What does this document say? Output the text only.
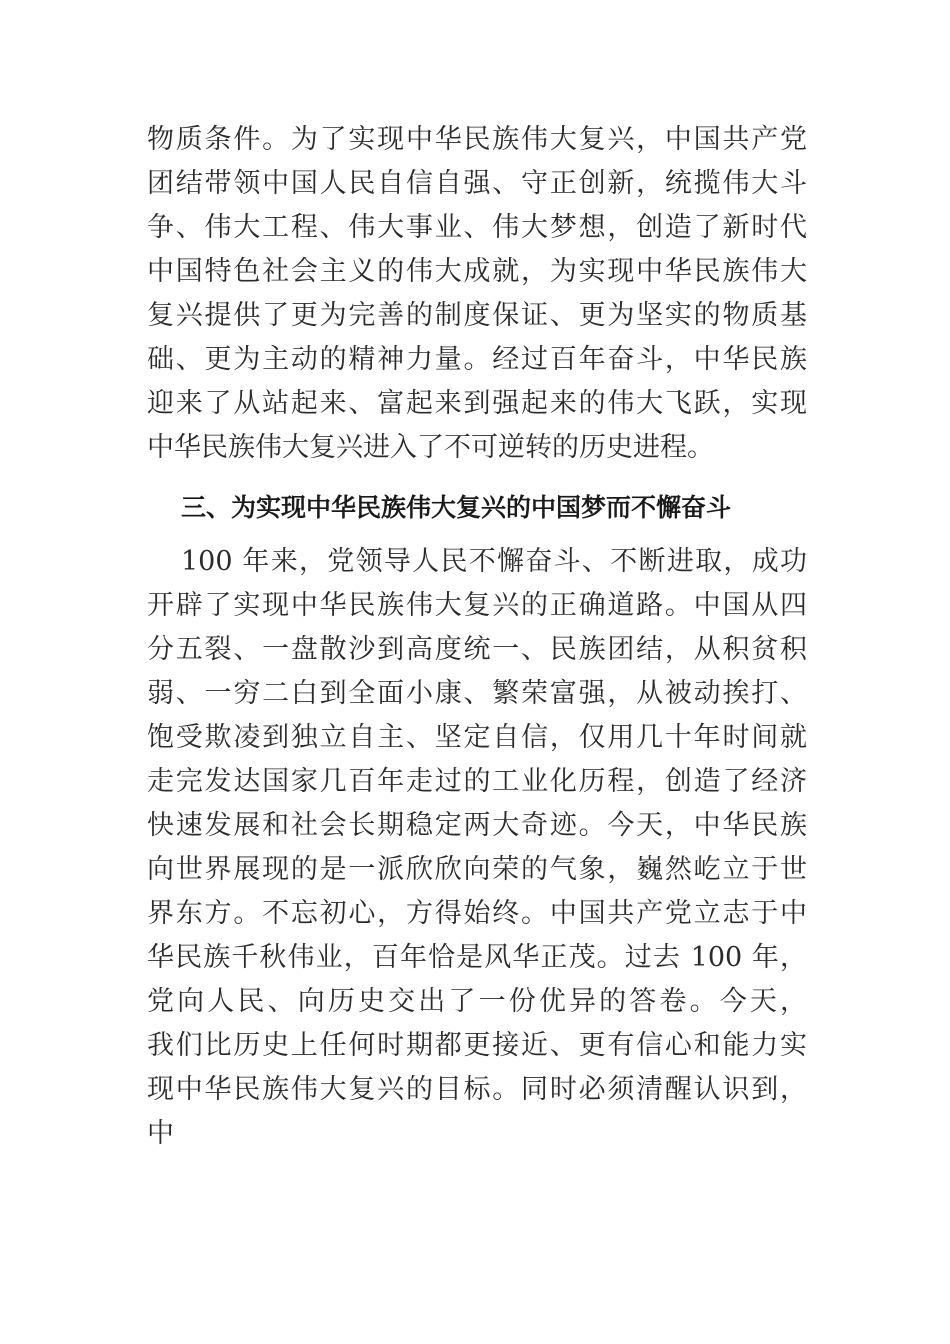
物质条件。为了实现中华民族伟大复兴，中国共产党
团结带领中国人民自信自强、守正创新，统揽伟大斗
争、伟大工程、伟大事业、伟大梦想，创造了新时代
中国特色社会主义的伟大成就，为实现中华民族伟大
复兴提供了更为完善的制度保证、更为坚实的物质基
础、更为主动的精神力量。经过百年奋斗，中华民族
迎来了从站起来、富起来到强起来的伟大飞跃，实现
中华民族伟大复兴进入了不可逆转的历史进程。
三、为实现中华民族伟大复兴的中国梦而不懈奋斗
100 年来，党领导人民不懈奋斗、不断进取，成功
开辟了实现中华民族伟大复兴的正确道路。中国从四
分五裂、一盘散沙到高度统一、民族团结，从积贫积
弱、一穷二白到全面小康、繁荣富强，从被动挨打、
饱受欺凌到独立自主、坚定自信，仅用几十年时间就
走完发达国家几百年走过的工业化历程，创造了经济
快速发展和社会长期稳定两大奇迹。今天，中华民族
向世界展现的是一派欣欣向荣的气象，巍然屹立于世
界东方。不忘初心，方得始终。中国共产党立志于中
华民族千秋伟业，百年恰是风华正茂。过去 100 年，
党向人民、向历史交出了一份优异的答卷。今天，
我们比历史上任何时期都更接近、更有信心和能力实
现中华民族伟大复兴的目标。同时必须清醒认识到，
中
